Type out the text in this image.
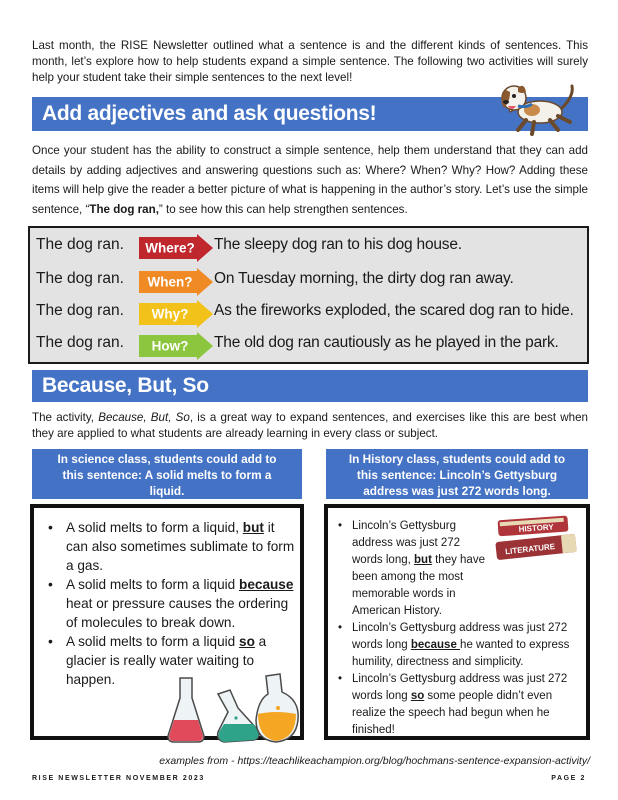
Last month, the RISE Newsletter outlined what a sentence is and the different kinds of sentences. This month, let’s explore how to help students expand a simple sentence. The following two activities will surely help your student take their simple sentences to the next level!

Add adjectives and ask questions!

Once your student has the ability to construct a simple sentence, help them understand that they can add details by adding adjectives and answering questions such as: Where? When? Why? How? Adding these items will help give the reader a better picture of what is happening in the author’s story. Let’s use the simple sentence, “The dog ran,” to see how this can help strengthen sentences.

The dog ran. Where? The sleepy dog ran to his dog house.
The dog ran. When? On Tuesday morning, the dirty dog ran away.
The dog ran. Why? As the fireworks exploded, the scared dog ran to hide.
The dog ran. How? The old dog ran cautiously as he played in the park.
Because, But, So

The activity, Because, But, So, is a great way to expand sentences, and exercises like this are best when they are applied to what students are already learning in every class or subject.

In science class, students could add to this sentence: A solid melts to form a liquid.
In History class, students could add to this sentence: Lincoln’s Gettysburg address was just 272 words long.
• A solid melts to form a liquid, but it can also sometimes sublimate to form a gas.
• A solid melts to form a liquid because heat or pressure causes the ordering of molecules to break down.
• A solid melts to form a liquid so a glacier is really water waiting to happen.
• Lincoln’s Gettysburg address was just 272 words long, but they have been among the most memorable words in American History.
• Lincoln’s Gettysburg address was just 272 words long because he wanted to express humility, directness and simplicity.
• Lincoln’s Gettysburg address was just 272 words long so some people didn’t even realize the speech had begun when he finished!
HISTORY
LITERATURE
examples from - https://teachlikeachampion.org/blog/hochmans-sentence-expansion-activity/
RISE NEWSLETTER NOVEMBER 2023	PAGE 2
